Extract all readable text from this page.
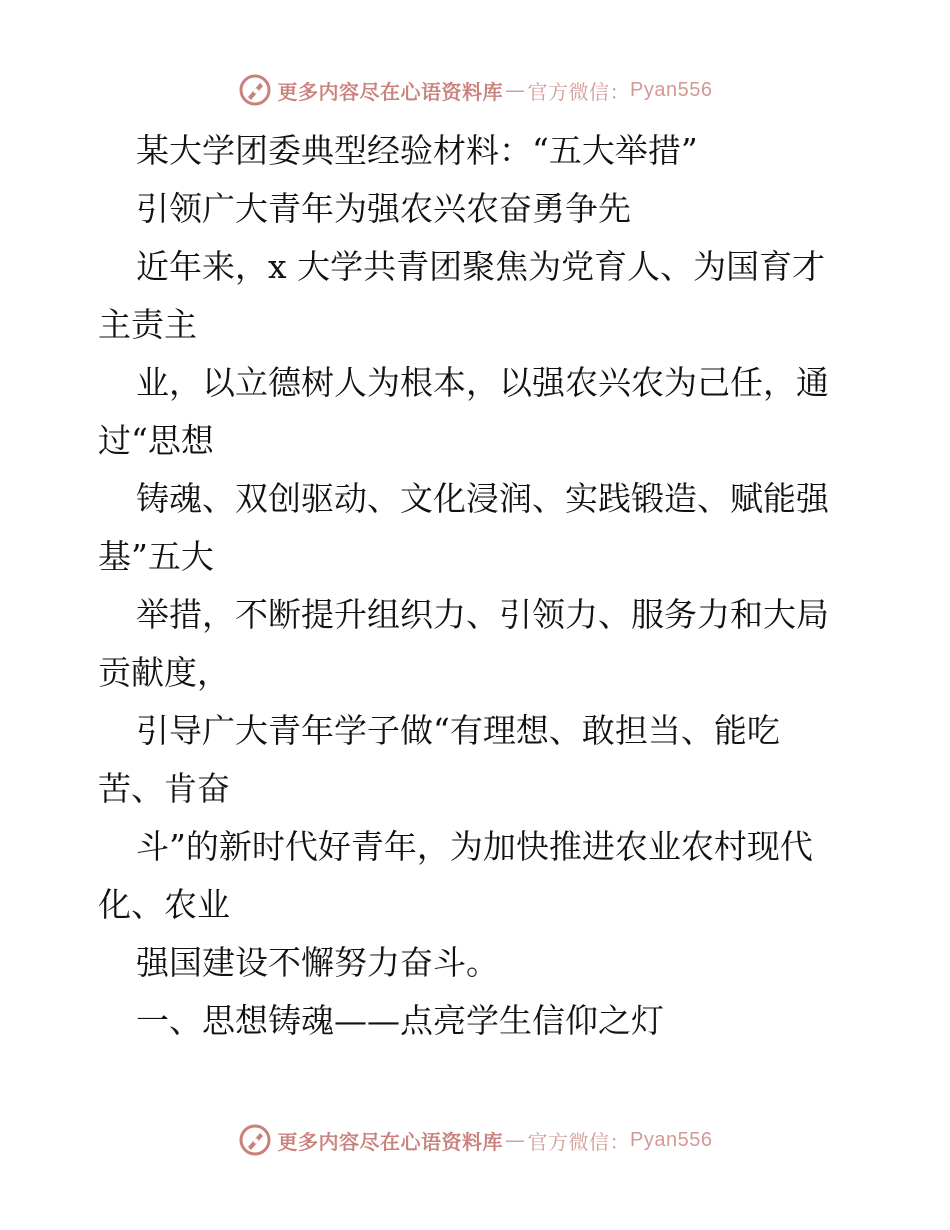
更多内容尽在心语资料库 — 官方微信： Pyan556
某大学团委典型经验材料：“五大举措”
引领广大青年为强农兴农奋勇争先
近年来，x 大学共青团聚焦为党育人、为国育才
主责主
业，以立德树人为根本，以强农兴农为己任，通
过“思想
铸魂、双创驱动、文化浸润、实践锻造、赋能强
基”五大
举措，不断提升组织力、引领力、服务力和大局
贡献度，
引导广大青年学子做“有理想、敢担当、能吃
苦、肯奋
斗”的新时代好青年，为加快推进农业农村现代
化、农业
强国建设不懈努力奋斗。
一、思想铸魂——点亮学生信仰之灯
更多内容尽在心语资料库 — 官方微信： Pyan556
